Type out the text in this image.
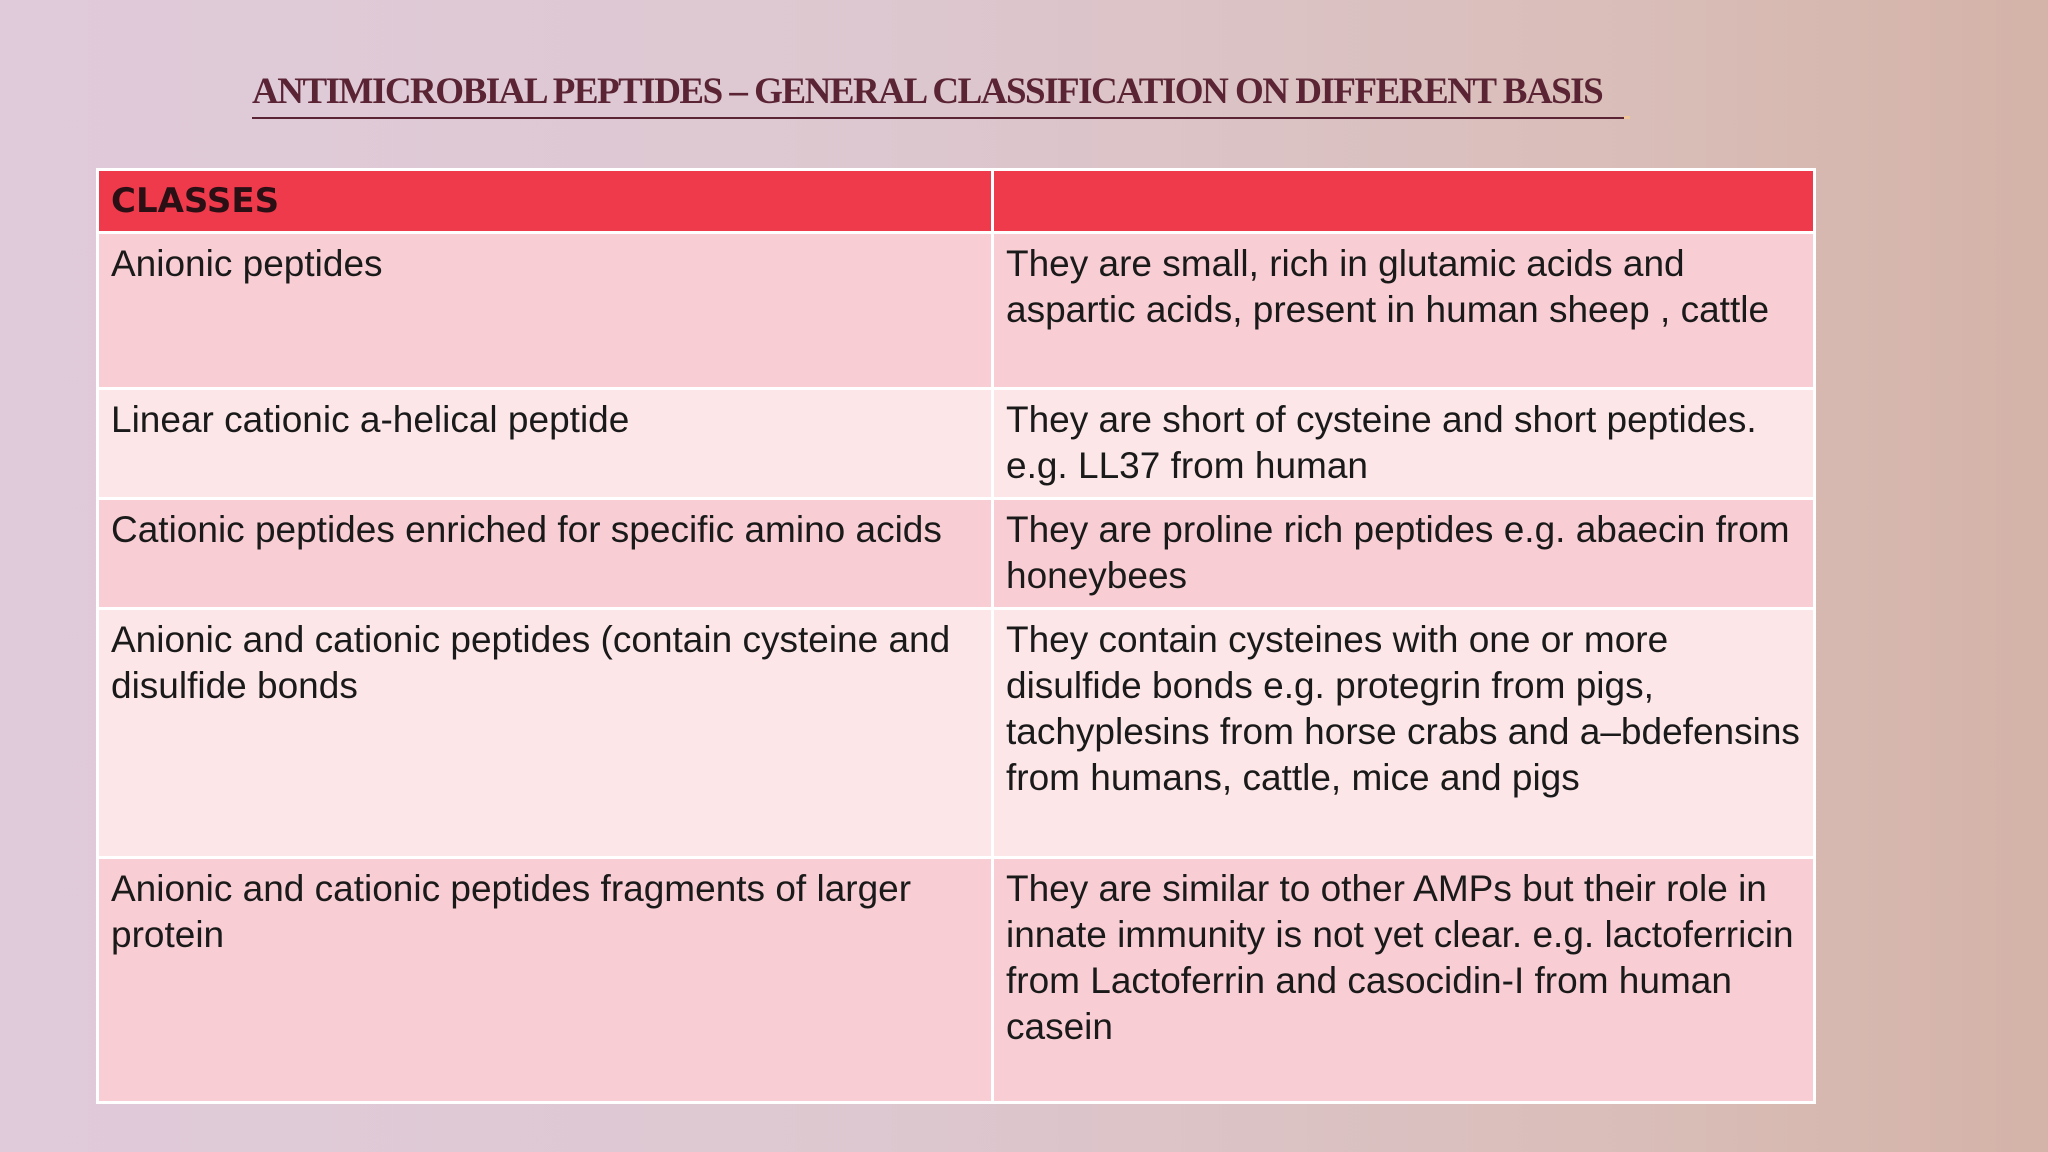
ANTIMICROBIAL PEPTIDES – GENERAL CLASSIFICATION ON DIFFERENT BASIS
CLASSES	
Anionic peptides	They are small, rich in glutamic acids and aspartic acids, present in human sheep , cattle
Linear cationic a-helical peptide	They are short of cysteine and short peptides. e.g. LL37 from human
Cationic peptides enriched for specific amino acids	They are proline rich peptides e.g. abaecin from honeybees
Anionic and cationic peptides (contain cysteine and disulfide bonds	They contain cysteines with one or more disulfide bonds e.g. protegrin from pigs, tachyplesins from horse crabs and a–bdefensins from humans, cattle, mice and pigs
Anionic and cationic peptides fragments of larger protein	They are similar to other AMPs but their role in innate immunity is not yet clear. e.g. lactoferricin from Lactoferrin and casocidin-I from human casein
